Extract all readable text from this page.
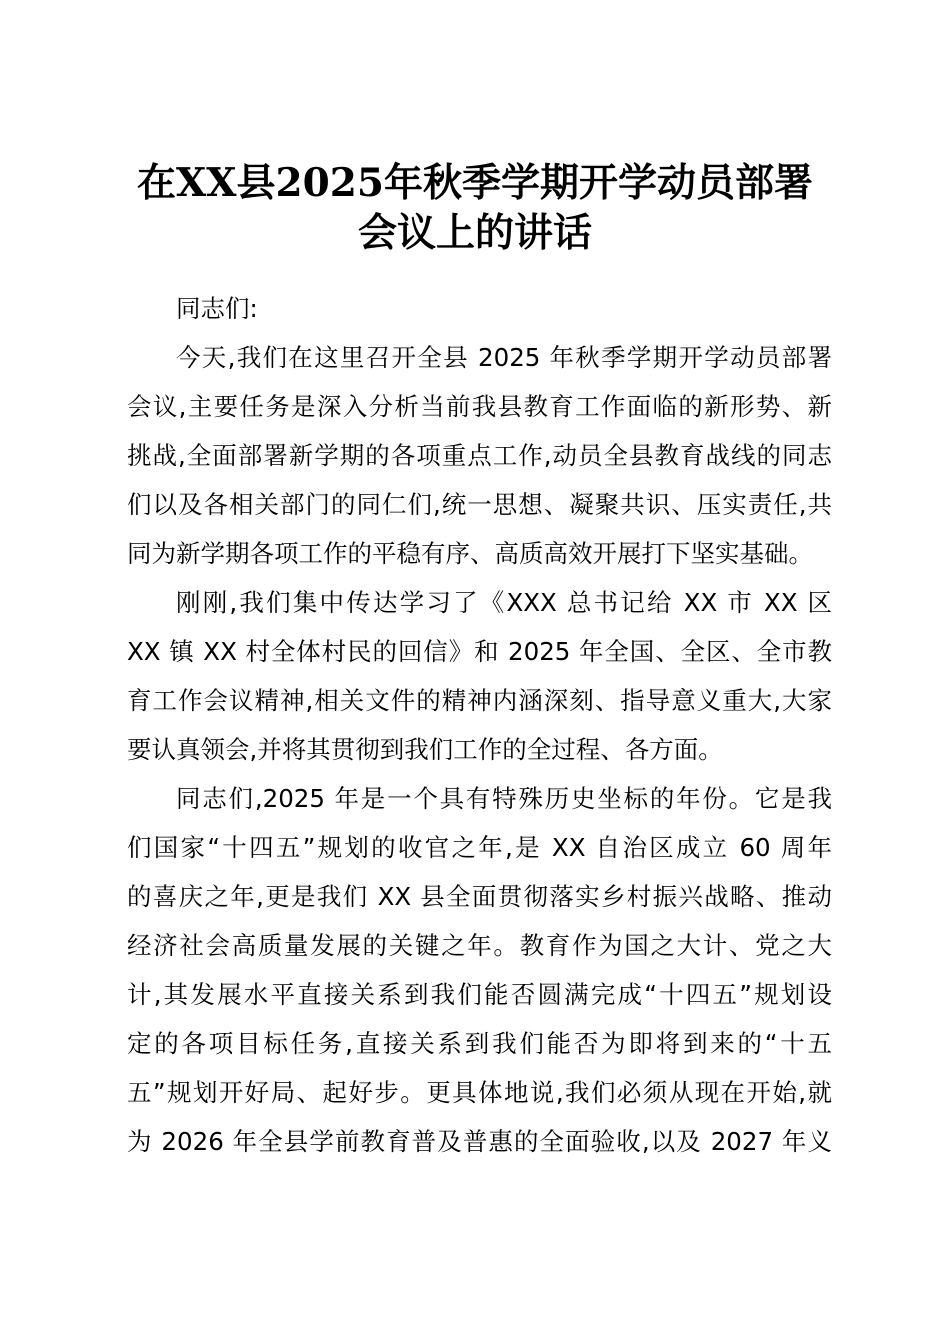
在XX县2025年秋季学期开学动员部署
会议上的讲话

同志们:

今天,我们在这里召开全县 2025 年秋季学期开学动员部署
会议,主要任务是深入分析当前我县教育工作面临的新形势、新
挑战,全面部署新学期的各项重点工作,动员全县教育战线的同志
们以及各相关部门的同仁们,统一思想、凝聚共识、压实责任,共
同为新学期各项工作的平稳有序、高质高效开展打下坚实基础。

刚刚,我们集中传达学习了《XXX 总书记给 XX 市 XX 区
XX 镇 XX 村全体村民的回信》和 2025 年全国、全区、全市教
育工作会议精神,相关文件的精神内涵深刻、指导意义重大,大家
要认真领会,并将其贯彻到我们工作的全过程、各方面。

同志们,2025 年是一个具有特殊历史坐标的年份。它是我
们国家“十四五”规划的收官之年,是 XX 自治区成立 60 周年
的喜庆之年,更是我们 XX 县全面贯彻落实乡村振兴战略、推动
经济社会高质量发展的关键之年。教育作为国之大计、党之大
计,其发展水平直接关系到我们能否圆满完成“十四五”规划设
定的各项目标任务,直接关系到我们能否为即将到来的“十五
五”规划开好局、起好步。更具体地说,我们必须从现在开始,就
为 2026 年全县学前教育普及普惠的全面验收,以及 2027 年义
